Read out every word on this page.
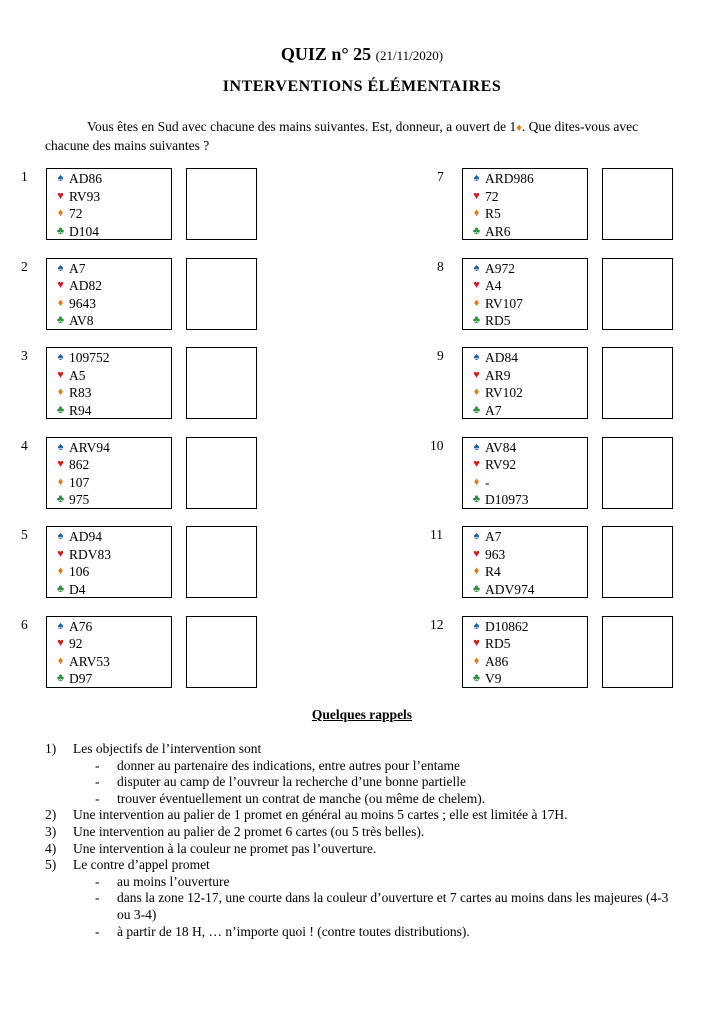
QUIZ n° 25 (21/11/2020)
INTERVENTIONS ÉLÉMENTAIRES
Vous êtes en Sud avec chacune des mains suivantes. Est, donneur, a ouvert de 1♦. Que dites-vous avec chacune des mains suivantes ?
1	♠ AD86
♥ RV93
♦ 72
♣ D104
2	♠ A7
♥ AD82
♦ 9643
♣ AV8
3	♠ 109752
♥ A5
♦ R83
♣ R94
4	♠ ARV94
♥ 862
♦ 107
♣ 975
5	♠ AD94
♥ RDV83
♦ 106
♣ D4
6	♠ A76
♥ 92
♦ ARV53
♣ D97
7	♠ ARD986
♥ 72
♦ R5
♣ AR6
8	♠ A972
♥ A4
♦ RV107
♣ RD5
9	♠ AD84
♥ AR9
♦ RV102
♣ A7
10	♠ AV84
♥ RV92
♦ -
♣ D10973
11	♠ A7
♥ 963
♦ R4
♣ ADV974
12	♠ D10862
♥ RD5
♦ A86
♣ V9
Quelques rappels
1) Les objectifs de l’intervention sont
- donner au partenaire des indications, entre autres pour l’entame
- disputer au camp de l’ouvreur la recherche d’une bonne partielle
- trouver éventuellement un contrat de manche (ou même de chelem).
2) Une intervention au palier de 1 promet en général au moins 5 cartes ; elle est limitée à 17H.
3) Une intervention au palier de 2 promet 6 cartes (ou 5 très belles).
4) Une intervention à la couleur ne promet pas l’ouverture.
5) Le contre d’appel promet
- au moins l’ouverture
- dans la zone 12-17, une courte dans la couleur d’ouverture et 7 cartes au moins dans les majeures (4-3 ou 3-4)
- à partir de 18 H, … n’importe quoi ! (contre toutes distributions).
